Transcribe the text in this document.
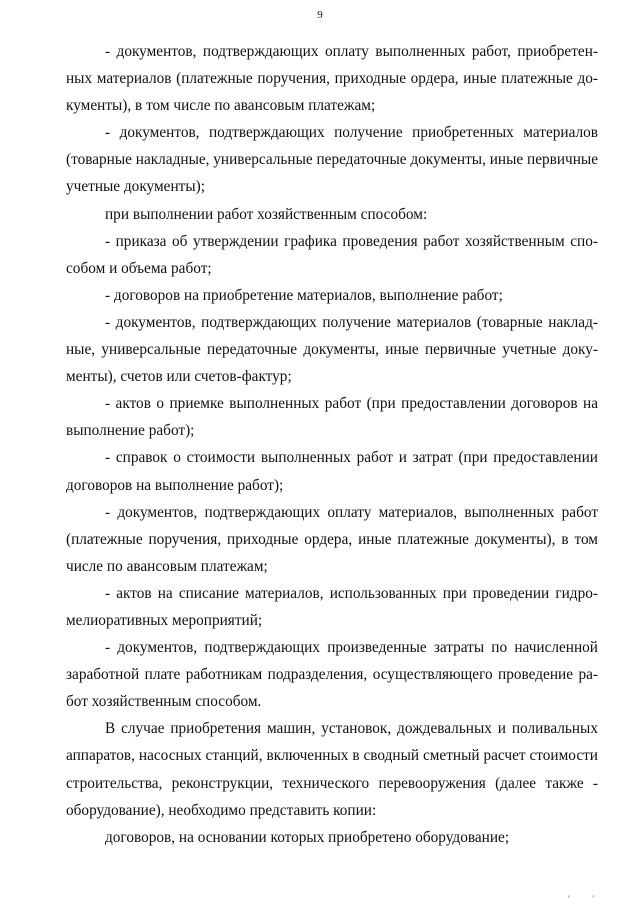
9

- документов, подтверждающих оплату выполненных работ, приобретенных материалов (платежные поручения, приходные ордера, иные платежные документы), в том числе по авансовым платежам;

- документов, подтверждающих получение приобретенных материалов (товарные накладные, универсальные передаточные документы, иные первичные учетные документы);

при выполнении работ хозяйственным способом:

- приказа об утверждении графика проведения работ хозяйственным способом и объема работ;

- договоров на приобретение материалов, выполнение работ;

- документов, подтверждающих получение материалов (товарные накладные, универсальные передаточные документы, иные первичные учетные документы), счетов или счетов-фактур;

- актов о приемке выполненных работ (при предоставлении договоров на выполнение работ);

- справок о стоимости выполненных работ и затрат (при предоставлении договоров на выполнение работ);

- документов, подтверждающих оплату материалов, выполненных работ (платежные поручения, приходные ордера, иные платежные документы), в том числе по авансовым платежам;

- актов на списание материалов, использованных при проведении гидромелиоративных мероприятий;

- документов, подтверждающих произведенные затраты по начисленной заработной плате работникам подразделения, осуществляющего проведение работ хозяйственным способом.

В случае приобретения машин, установок, дождевальных и поливальных аппаратов, насосных станций, включенных в сводный сметный расчет стоимости строительства, реконструкции, технического перевооружения (далее также - оборудование), необходимо представить копии:

договоров, на основании которых приобретено оборудование;

′ ′
